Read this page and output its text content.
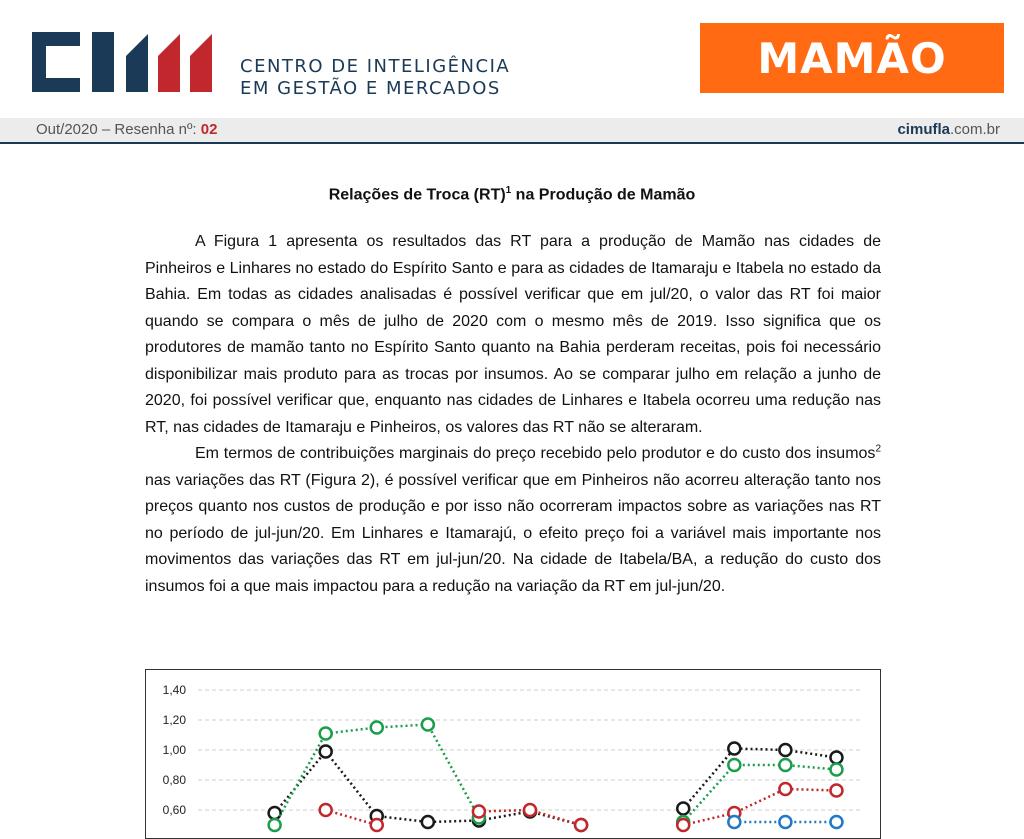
CENTRO DE INTELIGÊNCIA
EM GESTÃO E MERCADOS
MAMÃO
Out/2020 – Resenha nº: 02	cimufla.com.br
Relações de Troca (RT)$^1$ na Produção de Mamão

A Figura 1 apresenta os resultados das RT para a produção de Mamão nas cidades de Pinheiros e Linhares no estado do Espírito Santo e para as cidades de Itamaraju e Itabela no estado da Bahia. Em todas as cidades analisadas é possível verificar que em jul/20, o valor das RT foi maior quando se compara o mês de julho de 2020 com o mesmo mês de 2019. Isso significa que os produtores de mamão tanto no Espírito Santo quanto na Bahia perderam receitas, pois foi necessário disponibilizar mais produto para as trocas por insumos. Ao se comparar julho em relação a junho de 2020, foi possível verificar que, enquanto nas cidades de Linhares e Itabela ocorreu uma redução nas RT, nas cidades de Itamaraju e Pinheiros, os valores das RT não se alteraram.

Em termos de contribuições marginais do preço recebido pelo produtor e do custo dos insumos$^2$ nas variações das RT (Figura 2), é possível verificar que em Pinheiros não acorreu alteração tanto nos preços quanto nos custos de produção e por isso não ocorreram impactos sobre as variações nas RT no período de jul-jun/20. Em Linhares e Itamarajú, o efeito preço foi a variável mais importante nos movimentos das variações das RT em jul-jun/20. Na cidade de Itabela/BA, a redução do custo dos insumos foi a que mais impactou para a redução na variação da RT em jul-jun/20.

1,40
1,20
1,00
0,80
0,60
